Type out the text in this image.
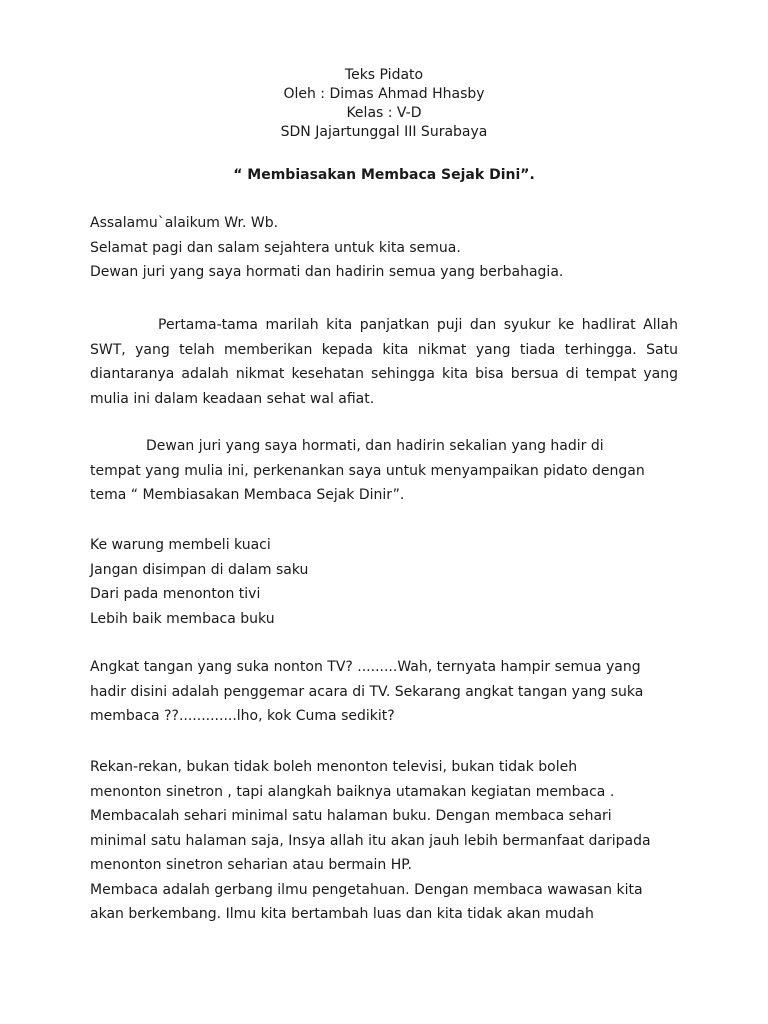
Teks Pidato
Oleh : Dimas Ahmad Hhasby
Kelas : V-D
SDN Jajartunggal III Surabaya
“ Membiasakan Membaca Sejak Dini”.
Assalamu`alaikum Wr. Wb.
Selamat pagi dan salam sejahtera untuk kita semua.
Dewan juri yang saya hormati dan hadirin semua yang berbahagia.
Pertama-tama marilah kita panjatkan puji dan syukur ke hadlirat Allah
SWT, yang telah memberikan kepada kita nikmat yang tiada terhingga. Satu
diantaranya adalah nikmat kesehatan sehingga kita bisa bersua di tempat yang
mulia ini dalam keadaan sehat wal afiat.
Dewan juri yang saya hormati, dan hadirin sekalian yang hadir di
tempat yang mulia ini, perkenankan saya untuk menyampaikan pidato dengan
tema “ Membiasakan Membaca Sejak Dinir”.
Ke warung membeli kuaci
Jangan disimpan di dalam saku
Dari pada menonton tivi
Lebih baik membaca buku
Angkat tangan yang suka nonton TV? .........Wah, ternyata hampir semua yang
hadir disini adalah penggemar acara di TV. Sekarang angkat tangan yang suka
membaca ??.............lho, kok Cuma sedikit?
Rekan-rekan, bukan tidak boleh menonton televisi, bukan tidak boleh
menonton sinetron , tapi alangkah baiknya utamakan kegiatan membaca .
Membacalah sehari minimal satu halaman buku. Dengan membaca sehari
minimal satu halaman saja, Insya allah itu akan jauh lebih bermanfaat daripada
menonton sinetron seharian atau bermain HP.
Membaca adalah gerbang ilmu pengetahuan. Dengan membaca wawasan kita
akan berkembang. Ilmu kita bertambah luas dan kita tidak akan mudah
